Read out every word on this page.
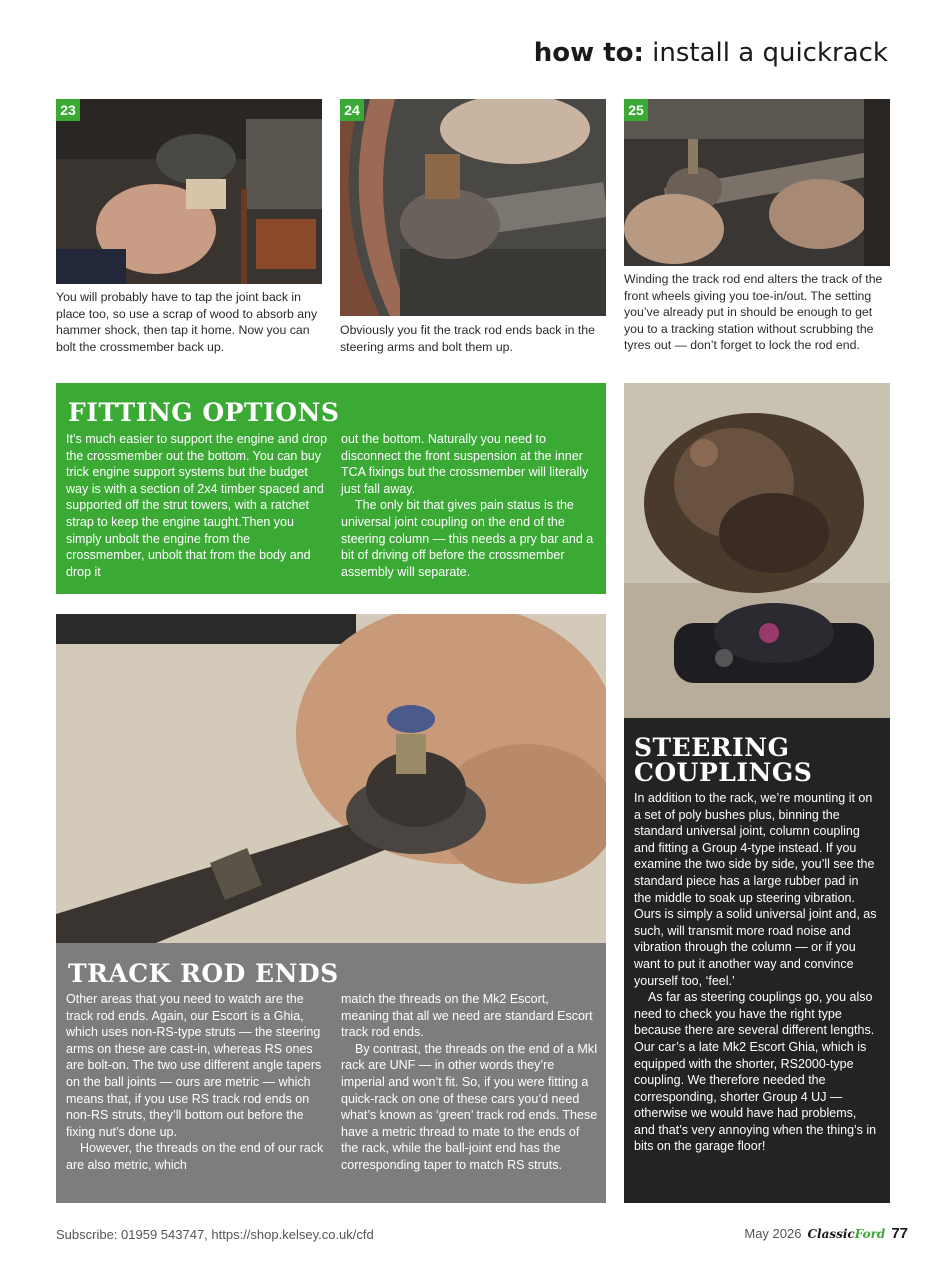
how to: install a quickrack
23
You will probably have to tap the joint back in place too, so use a scrap of wood to absorb any hammer shock, then tap it home. Now you can bolt the crossmember back up.
24
Obviously you fit the track rod ends back in the steering arms and bolt them up.
25
Winding the track rod end alters the track of the front wheels giving you toe-in/out. The setting you’ve already put in should be enough to get you to a tracking station without scrubbing the tyres out — don’t forget to lock the rod end.
FITTING OPTIONS

It’s much easier to support the engine and drop the crossmember out the bottom. You can buy trick engine support systems but the budget way is with a section of 2x4 timber spaced and supported off the strut towers, with a ratchet strap to keep the engine taught.Then you simply unbolt the engine from the crossmember, unbolt that from the body and drop it

out the bottom. Naturally you need to disconnect the front suspension at the inner TCA fixings but the crossmember will literally just fall away.

The only bit that gives pain status is the universal joint coupling on the end of the steering column — this needs a pry bar and a bit of driving off before the crossmember assembly will separate.

STEERING
COUPLINGS

In addition to the rack, we’re mounting it on a set of poly bushes plus, binning the standard universal joint, column coupling and fitting a Group 4-type instead. If you examine the two side by side, you’ll see the standard piece has a large rubber pad in the middle to soak up steering vibration. Ours is simply a solid universal joint and, as such, will transmit more road noise and vibration through the column — or if you want to put it another way and convince yourself too, ‘feel.’

As far as steering couplings go, you also need to check you have the right type because there are several different lengths. Our car’s a late Mk2 Escort Ghia, which is equipped with the shorter, RS2000-type coupling. We therefore needed the corresponding, shorter Group 4 UJ — otherwise we would have had problems, and that’s very annoying when the thing’s in bits on the garage floor!

TRACK ROD ENDS

Other areas that you need to watch are the track rod ends. Again, our Escort is a Ghia, which uses non-RS-type struts — the steering arms on these are cast-in, whereas RS ones are bolt-on. The two use different angle tapers on the ball joints — ours are metric — which means that, if you use RS track rod ends on non-RS struts, they’ll bottom out before the fixing nut’s done up.

However, the threads on the end of our rack are also metric, which

match the threads on the Mk2 Escort, meaning that all we need are standard Escort track rod ends.

By contrast, the threads on the end of a MkI rack are UNF — in other words they’re imperial and won’t fit. So, if you were fitting a quick-rack on one of these cars you’d need what’s known as ‘green’ track rod ends. These have a metric thread to mate to the ends of the rack, while the ball-joint end has the corresponding taper to match RS struts.

Subscribe: 01959 543747, https://shop.kelsey.co.uk/cfd	May 2026 ClassicFord 77
